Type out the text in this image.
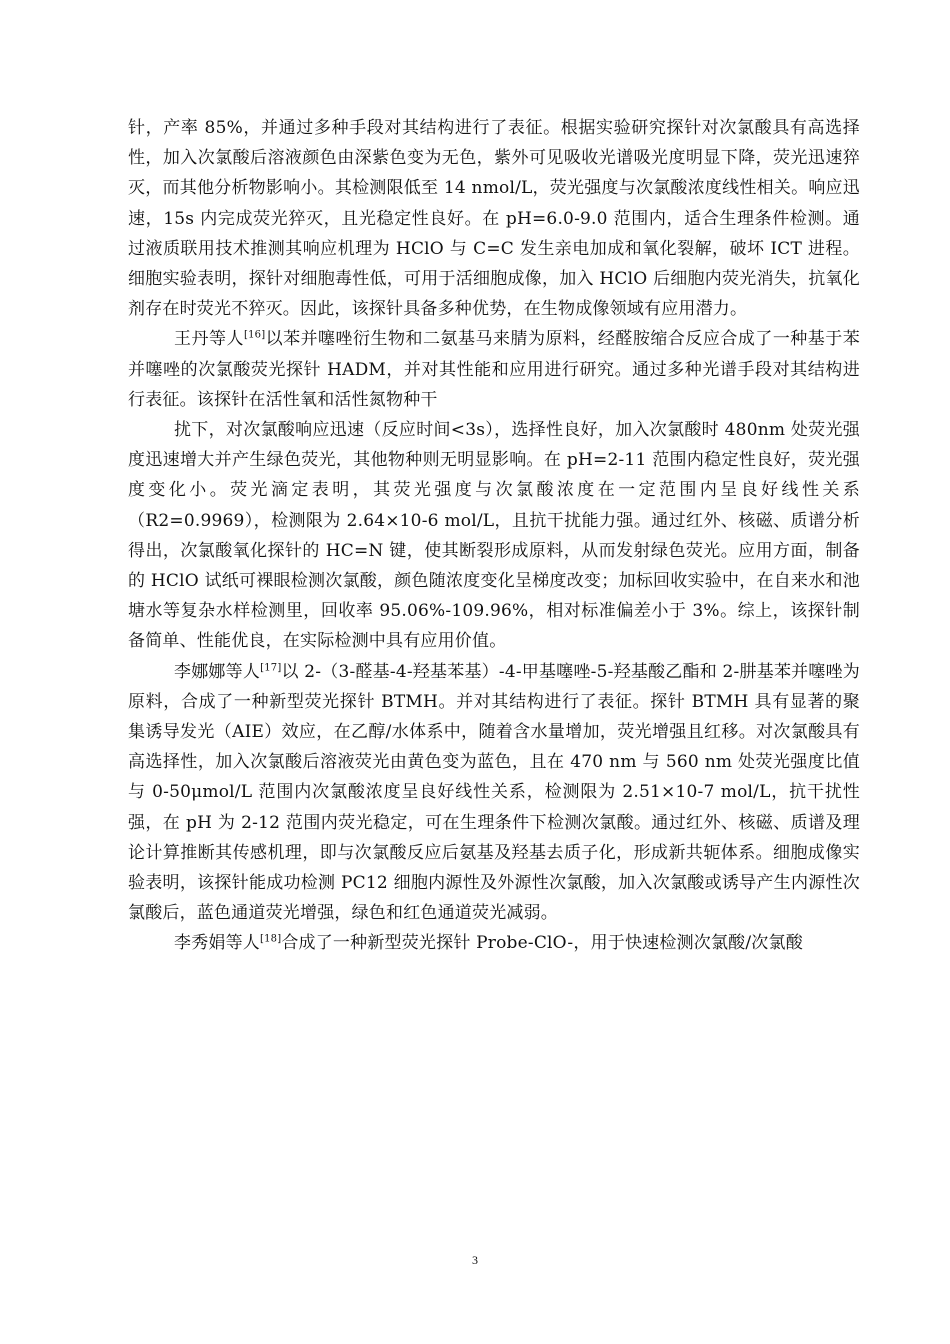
针，产率 85%，并通过多种手段对其结构进行了表征。根据实验研究探针对次氯酸具有高选择性，加入次氯酸后溶液颜色由深紫色变为无色，紫外可见吸收光谱吸光度明显下降，荧光迅速猝灭，而其他分析物影响小。其检测限低至 14 nmol/L，荧光强度与次氯酸浓度线性相关。响应迅速，15s 内完成荧光猝灭，且光稳定性良好。在 pH=6.0-9.0 范围内，适合生理条件检测。通过液质联用技术推测其响应机理为 HClO 与 C=C 发生亲电加成和氧化裂解，破坏 ICT 进程。细胞实验表明，探针对细胞毒性低，可用于活细胞成像，加入 HClO 后细胞内荧光消失，抗氧化剂存在时荧光不猝灭。因此，该探针具备多种优势，在生物成像领域有应用潜力。

王丹等人[16]以苯并噻唑衍生物和二氨基马来腈为原料，经醛胺缩合反应合成了一种基于苯并噻唑的次氯酸荧光探针 HADM，并对其性能和应用进行研究。通过多种光谱手段对其结构进行表征。该探针在活性氧和活性氮物种干

扰下，对次氯酸响应迅速（反应时间<3s），选择性良好，加入次氯酸时 480nm 处荧光强度迅速增大并产生绿色荧光，其他物种则无明显影响。在 pH=2-11 范围内稳定性良好，荧光强度变化小。荧光滴定表明，其荧光强度与次氯酸浓度在一定范围内呈良好线性关系（R2=0.9969），检测限为 2.64×10-6 mol/L，且抗干扰能力强。通过红外、核磁、质谱分析得出，次氯酸氧化探针的 HC=N 键，使其断裂形成原料，从而发射绿色荧光。应用方面，制备的 HClO 试纸可裸眼检测次氯酸，颜色随浓度变化呈梯度改变；加标回收实验中，在自来水和池塘水等复杂水样检测里，回收率 95.06%-109.96%，相对标准偏差小于 3%。综上，该探针制备简单、性能优良，在实际检测中具有应用价值。

李娜娜等人[17]以 2-（3-醛基-4-羟基苯基）-4-甲基噻唑-5-羟基酸乙酯和 2-肼基苯并噻唑为原料，合成了一种新型荧光探针 BTMH。并对其结构进行了表征。探针 BTMH 具有显著的聚集诱导发光（AIE）效应，在乙醇/水体系中，随着含水量增加，荧光增强且红移。对次氯酸具有高选择性，加入次氯酸后溶液荧光由黄色变为蓝色，且在 470 nm 与 560 nm 处荧光强度比值与 0-50μmol/L 范围内次氯酸浓度呈良好线性关系，检测限为 2.51×10-7 mol/L，抗干扰性强，在 pH 为 2-12 范围内荧光稳定，可在生理条件下检测次氯酸。通过红外、核磁、质谱及理论计算推断其传感机理，即与次氯酸反应后氨基及羟基去质子化，形成新共轭体系。细胞成像实验表明，该探针能成功检测 PC12 细胞内源性及外源性次氯酸，加入次氯酸或诱导产生内源性次氯酸后，蓝色通道荧光增强，绿色和红色通道荧光减弱。

李秀娟等人[18]合成了一种新型荧光探针 Probe-ClO-，用于快速检测次氯酸/次氯酸

3
